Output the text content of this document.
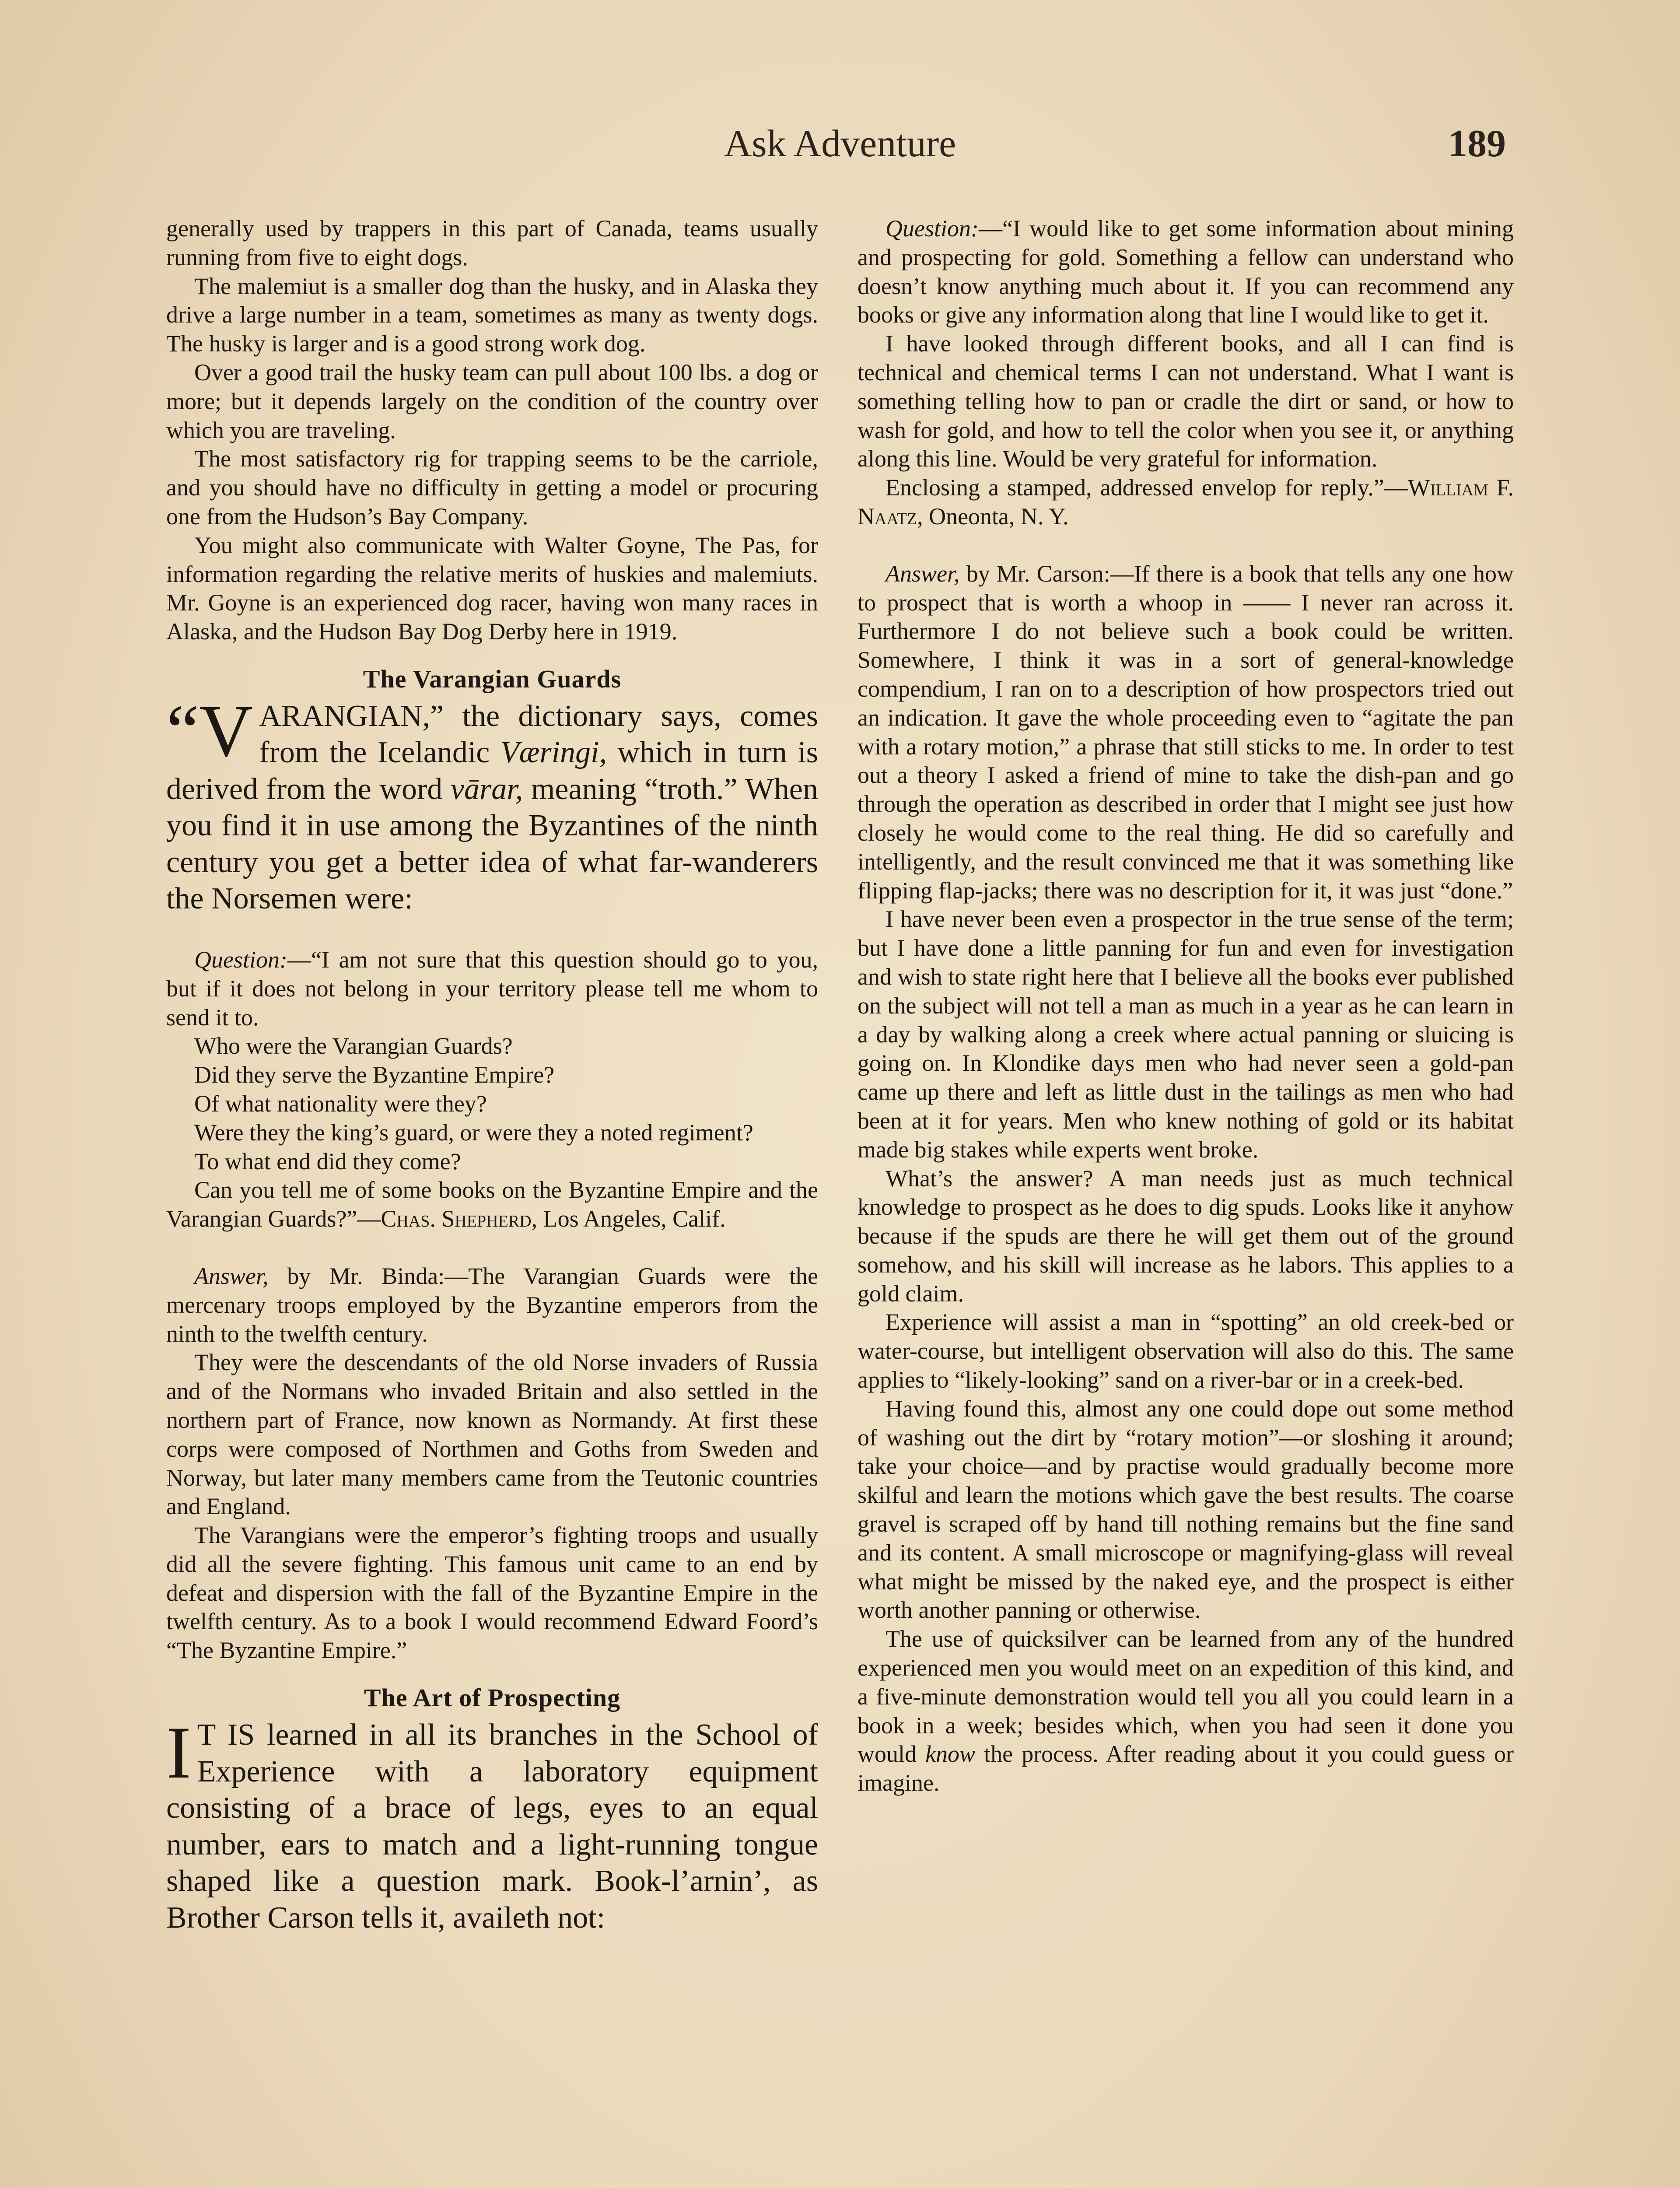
Ask Adventure	189

generally used by trappers in this part of Canada, teams usually running from five to eight dogs.

The malemiut is a smaller dog than the husky, and in Alaska they drive a large number in a team, sometimes as many as twenty dogs. The husky is larger and is a good strong work dog.

Over a good trail the husky team can pull about 100 lbs. a dog or more; but it depends largely on the condition of the country over which you are traveling.

The most satisfactory rig for trapping seems to be the carriole, and you should have no difficulty in getting a model or procuring one from the Hudson’s Bay Company.

You might also communicate with Walter Goyne, The Pas, for information regarding the relative merits of huskies and malemiuts. Mr. Goyne is an experienced dog racer, having won many races in Alaska, and the Hudson Bay Dog Derby here in 1919.

The Varangian Guards

“V ARANGIAN,” the dictionary says, comes from the Icelandic Væringi, which in turn is derived from the word vārar, meaning “troth.” When you find it in use among the Byzantines of the ninth century you get a better idea of what far-wanderers the Norsemen were:

Question:—“I am not sure that this question should go to you, but if it does not belong in your territory please tell me whom to send it to.

Who were the Varangian Guards?

Did they serve the Byzantine Empire?

Of what nationality were they?

Were they the king’s guard, or were they a noted regiment?

To what end did they come?

Can you tell me of some books on the Byzantine Empire and the Varangian Guards?”—Chas. Shepherd, Los Angeles, Calif.

Answer, by Mr. Binda:—The Varangian Guards were the mercenary troops employed by the Byzantine emperors from the ninth to the twelfth century.

They were the descendants of the old Norse invaders of Russia and of the Normans who invaded Britain and also settled in the northern part of France, now known as Normandy. At first these corps were composed of Northmen and Goths from Sweden and Norway, but later many members came from the Teutonic countries and England.

The Varangians were the emperor’s fighting troops and usually did all the severe fighting. This famous unit came to an end by defeat and dispersion with the fall of the Byzantine Empire in the twelfth century. As to a book I would recommend Edward Foord’s “The Byzantine Empire.”

The Art of Prospecting

I T IS learned in all its branches in the School of Experience with a laboratory equipment consisting of a brace of legs, eyes to an equal number, ears to match and a light-running tongue shaped like a question mark. Book-l’arnin’, as Brother Carson tells it, availeth not:

Question:—“I would like to get some information about mining and prospecting for gold. Something a fellow can understand who doesn’t know anything much about it. If you can recommend any books or give any information along that line I would like to get it.

I have looked through different books, and all I can find is technical and chemical terms I can not understand. What I want is something telling how to pan or cradle the dirt or sand, or how to wash for gold, and how to tell the color when you see it, or anything along this line. Would be very grateful for information.

Enclosing a stamped, addressed envelop for reply.”—William F. Naatz, Oneonta, N. Y.

Answer, by Mr. Carson:—If there is a book that tells any one how to prospect that is worth a whoop in —— I never ran across it. Furthermore I do not believe such a book could be written. Somewhere, I think it was in a sort of general-knowledge compendium, I ran on to a description of how prospectors tried out an indication. It gave the whole proceeding even to “agitate the pan with a rotary motion,” a phrase that still sticks to me. In order to test out a theory I asked a friend of mine to take the dish-pan and go through the operation as described in order that I might see just how closely he would come to the real thing. He did so carefully and intelligently, and the result convinced me that it was something like flipping flap-jacks; there was no description for it, it was just “done.”

I have never been even a prospector in the true sense of the term; but I have done a little panning for fun and even for investigation and wish to state right here that I believe all the books ever published on the subject will not tell a man as much in a year as he can learn in a day by walking along a creek where actual panning or sluicing is going on. In Klondike days men who had never seen a gold-pan came up there and left as little dust in the tailings as men who had been at it for years. Men who knew nothing of gold or its habitat made big stakes while experts went broke.

What’s the answer? A man needs just as much technical knowledge to prospect as he does to dig spuds. Looks like it anyhow because if the spuds are there he will get them out of the ground somehow, and his skill will increase as he labors. This applies to a gold claim.

Experience will assist a man in “spotting” an old creek-bed or water-course, but intelligent observation will also do this. The same applies to “likely-looking” sand on a river-bar or in a creek-bed.

Having found this, almost any one could dope out some method of washing out the dirt by “rotary motion”—or sloshing it around; take your choice—and by practise would gradually become more skilful and learn the motions which gave the best results. The coarse gravel is scraped off by hand till nothing remains but the fine sand and its content. A small microscope or magnifying-glass will reveal what might be missed by the naked eye, and the prospect is either worth another panning or otherwise.

The use of quicksilver can be learned from any of the hundred experienced men you would meet on an expedition of this kind, and a five-minute demonstration would tell you all you could learn in a book in a week; besides which, when you had seen it done you would know the process. After reading about it you could guess or imagine.
